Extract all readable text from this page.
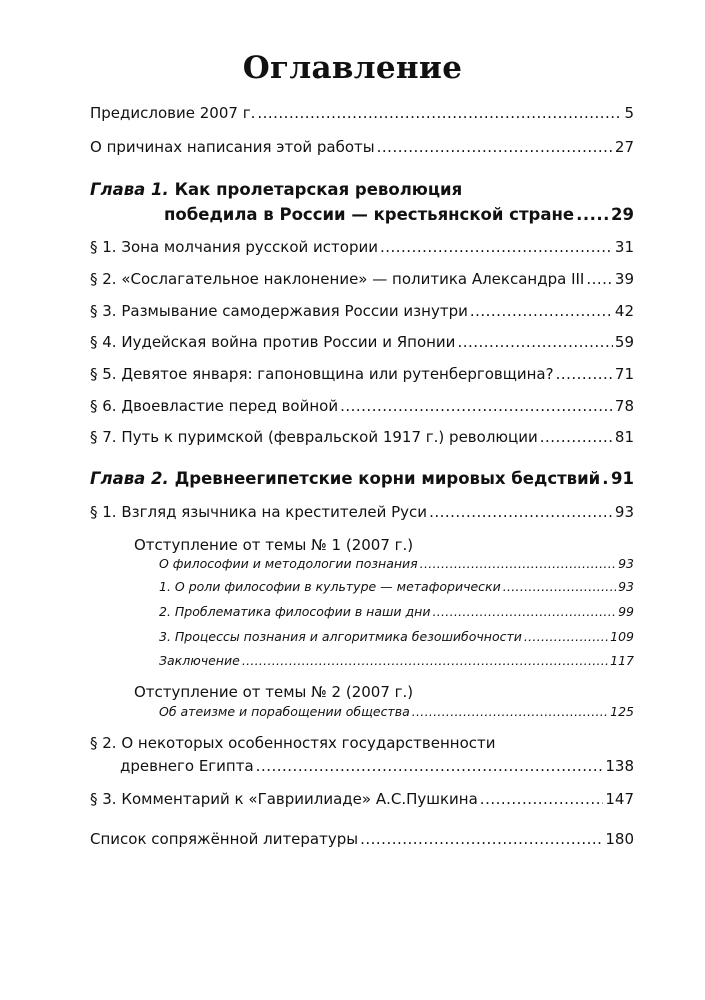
Оглавление
Предисловие 2007 г. .....	5
О причинах написания этой работы .....	27
Глава 1. Как пролетарская революция
победила в России — крестьянской стране ..... 29
§ 1. Зона молчания русской истории .....	31
§ 2. «Сослагательное наклонение» — политика Александра III ..... 39
§ 3. Размывание самодержавия России изнутри .....	42
§ 4. Иудейская война против России и Японии .....	59
§ 5. Девятое января: гапоновщина или рутенберговщина? .....	71
§ 6. Двоевластие перед войной .....	78
§ 7. Путь к пуримской (февральской 1917 г.) революции .....	81
Глава 2. Древнеегипетские корни мировых бедствий ..... 91
§ 1. Взгляд язычника на крестителей Руси .....	93
Отступление от темы № 1 (2007 г.)
О философии и методологии познания .....	93
1. О роли философии в культуре — метафорически .....	93
2. Проблематика философии в наши дни .....	99
3. Процессы познания и алгоритмика безошибочности .....	109
Заключение .....	117
Отступление от темы № 2 (2007 г.)
Об атеизме и порабощении общества .....	125
§ 2. О некоторых особенностях государственности
древнего Египта .....	138
§ 3. Комментарий к «Гавриилиаде» А.С.Пушкина .....	147
Список сопряжённой литературы .....	180
